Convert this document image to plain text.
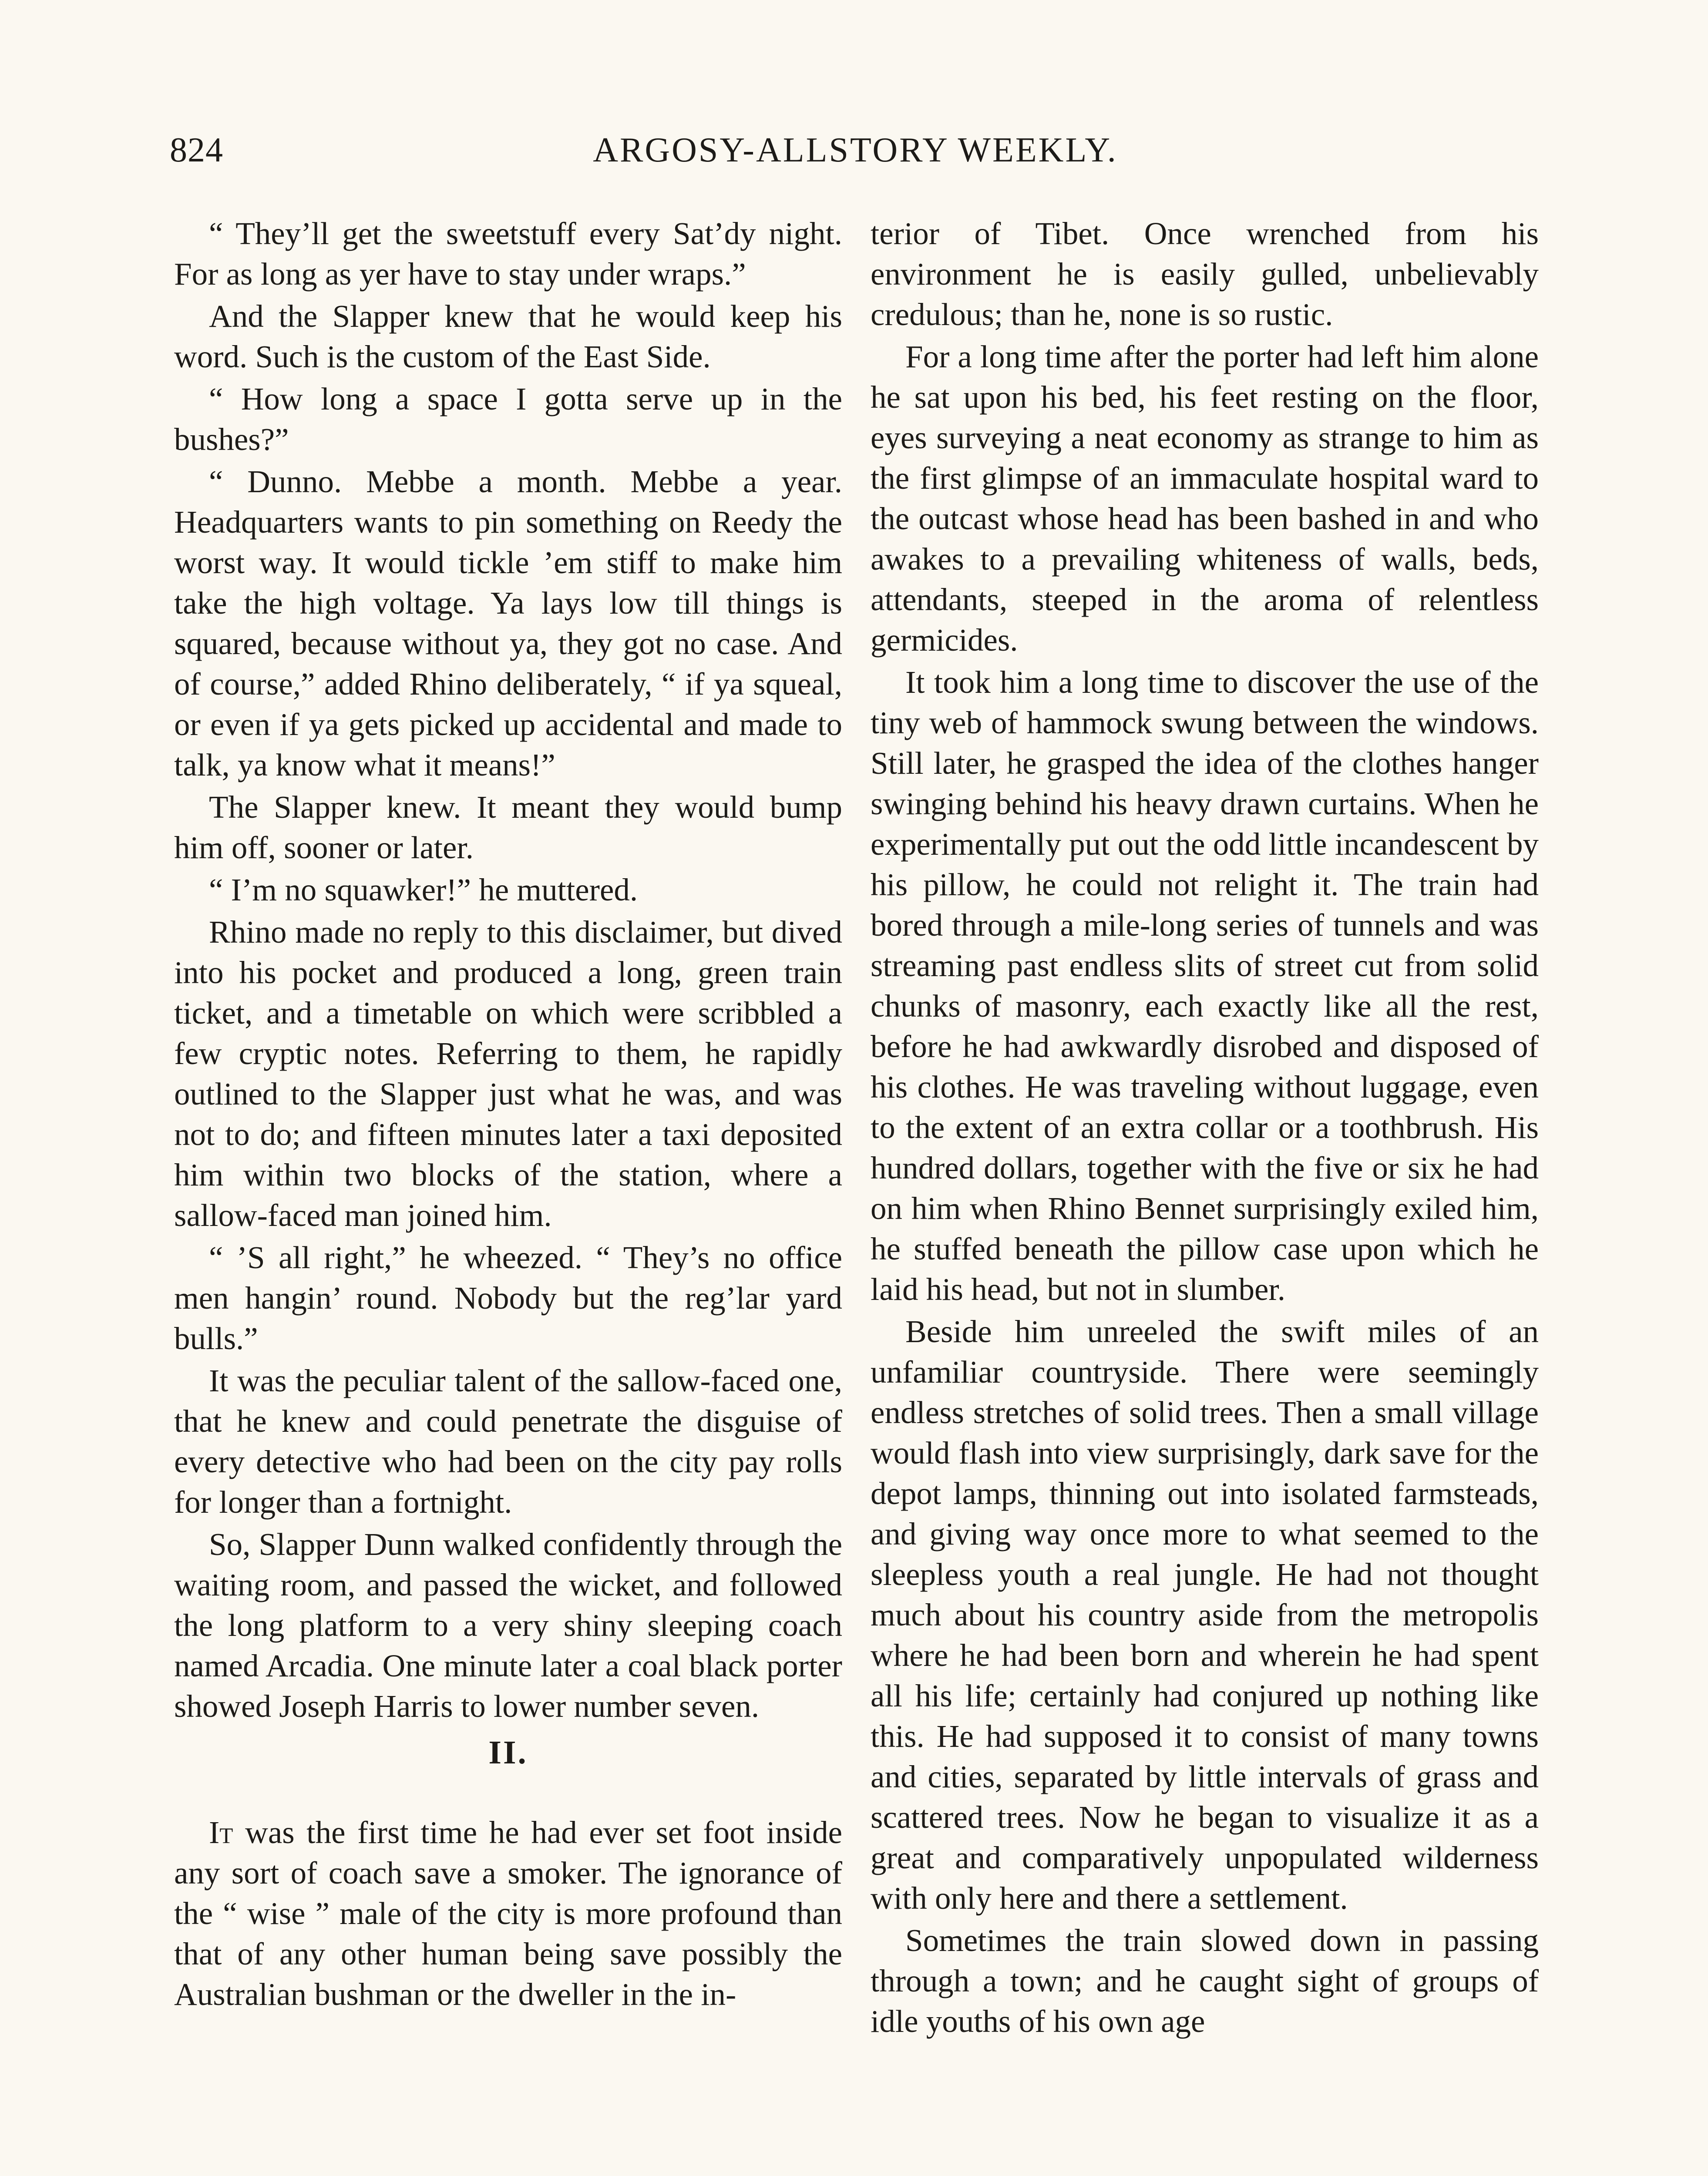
824	ARGOSY-ALLSTORY WEEKLY.

“ They’ll get the sweetstuff every Sat’dy night. For as long as yer have to stay under wraps.”

And the Slapper knew that he would keep his word. Such is the custom of the East Side.

“ How long a space I gotta serve up in the bushes?”

“ Dunno. Mebbe a month. Mebbe a year. Headquarters wants to pin something on Reedy the worst way. It would tickle ’em stiff to make him take the high voltage. Ya lays low till things is squared, because without ya, they got no case. And of course,” added Rhino deliberately, “ if ya squeal, or even if ya gets picked up accidental and made to talk, ya know what it means!”

The Slapper knew. It meant they would bump him off, sooner or later.

“ I’m no squawker!” he muttered.

Rhino made no reply to this disclaimer, but dived into his pocket and produced a long, green train ticket, and a timetable on which were scribbled a few cryptic notes. Referring to them, he rapidly outlined to the Slapper just what he was, and was not to do; and fifteen minutes later a taxi deposited him within two blocks of the station, where a sallow-faced man joined him.

“ ’S all right,” he wheezed. “ They’s no office men hangin’ round. Nobody but the reg’lar yard bulls.”

It was the peculiar talent of the sallow-faced one, that he knew and could penetrate the disguise of every detective who had been on the city pay rolls for longer than a fortnight.

So, Slapper Dunn walked confidently through the waiting room, and passed the wicket, and followed the long platform to a very shiny sleeping coach named Arcadia. One minute later a coal black porter showed Joseph Harris to lower number seven.

II.

It was the first time he had ever set foot inside any sort of coach save a smoker. The ignorance of the “ wise ” male of the city is more profound than that of any other human being save possibly the Australian bushman or the dweller in the in-

terior of Tibet. Once wrenched from his environment he is easily gulled, unbelievably credulous; than he, none is so rustic.

For a long time after the porter had left him alone he sat upon his bed, his feet resting on the floor, eyes surveying a neat economy as strange to him as the first glimpse of an immaculate hospital ward to the outcast whose head has been bashed in and who awakes to a prevailing whiteness of walls, beds, attendants, steeped in the aroma of relentless germicides.

It took him a long time to discover the use of the tiny web of hammock swung between the windows. Still later, he grasped the idea of the clothes hanger swinging behind his heavy drawn curtains. When he experimentally put out the odd little incandescent by his pillow, he could not relight it. The train had bored through a mile-long series of tunnels and was streaming past endless slits of street cut from solid chunks of masonry, each exactly like all the rest, before he had awkwardly disrobed and disposed of his clothes. He was traveling without luggage, even to the extent of an extra collar or a toothbrush. His hundred dollars, together with the five or six he had on him when Rhino Bennet surprisingly exiled him, he stuffed beneath the pillow case upon which he laid his head, but not in slumber.

Beside him unreeled the swift miles of an unfamiliar countryside. There were seemingly endless stretches of solid trees. Then a small village would flash into view surprisingly, dark save for the depot lamps, thinning out into isolated farmsteads, and giving way once more to what seemed to the sleepless youth a real jungle. He had not thought much about his country aside from the metropolis where he had been born and wherein he had spent all his life; certainly had conjured up nothing like this. He had supposed it to consist of many towns and cities, separated by little intervals of grass and scattered trees. Now he began to visualize it as a great and comparatively unpopulated wilderness with only here and there a settlement.

Sometimes the train slowed down in passing through a town; and he caught sight of groups of idle youths of his own age
